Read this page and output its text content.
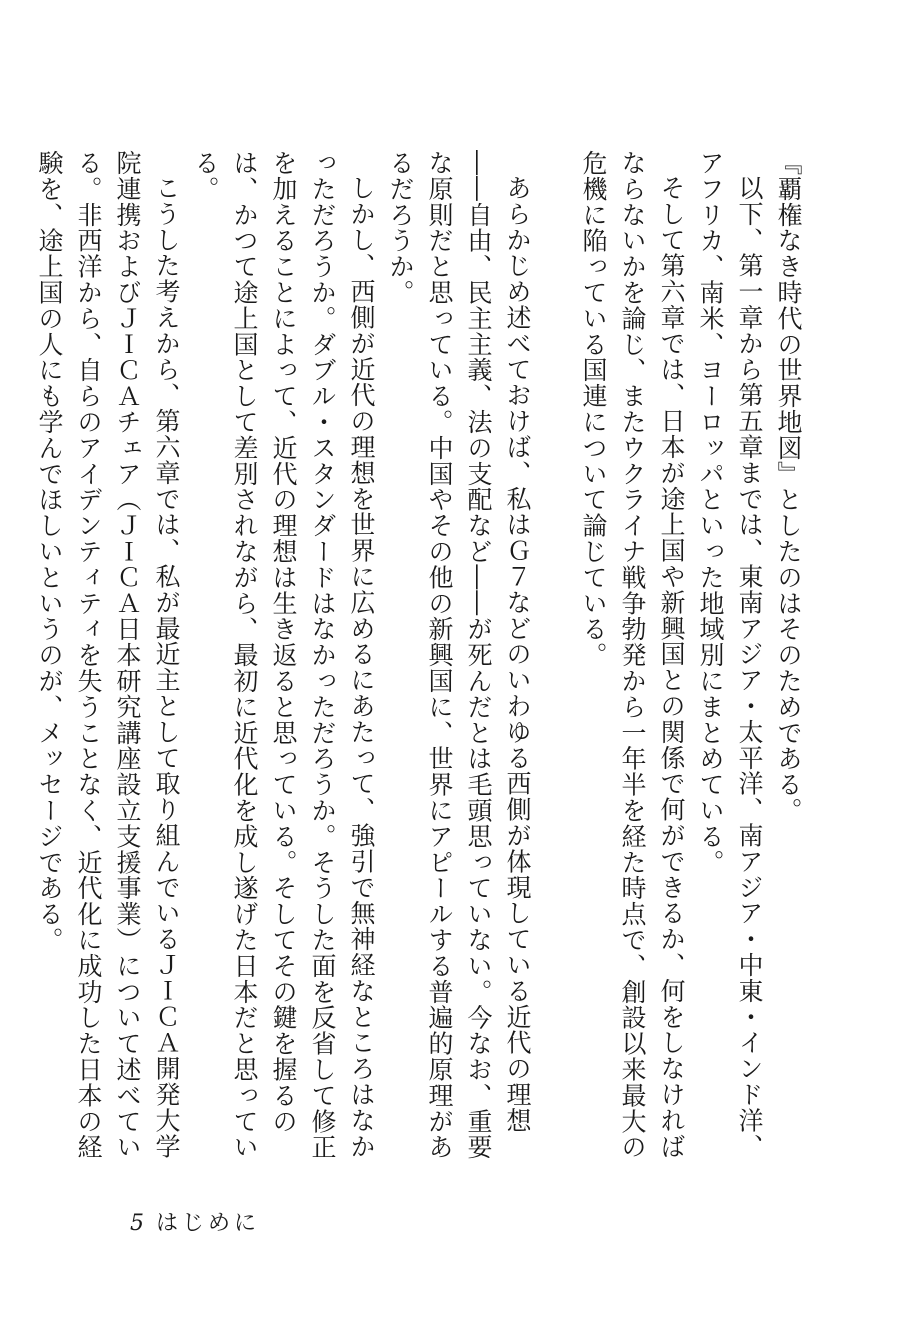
『覇権なき時代の世界地図』としたのはそのためである。

以下、第一章から第五章までは、東南アジア・太平洋、南アジア・中東・インド洋、アフリカ、南米、ヨーロッパといった地域別にまとめている。

そして第六章では、日本が途上国や新興国との関係で何ができるか、何をしなければならないかを論じ、またウクライナ戦争勃発から一年半を経た時点で、創設以来最大の危機に陥っている国連について論じている。

あらかじめ述べておけば、私はＧ７などのいわゆる西側が体現している近代の理想――自由、民主主義、法の支配など――が死んだとは毛頭思っていない。今なお、重要な原則だと思っている。中国やその他の新興国に、世界にアピールする普遍的原理があるだろうか。

しかし、西側が近代の理想を世界に広めるにあたって、強引で無神経なところはなかっただろうか。ダブル・スタンダードはなかっただろうか。そうした面を反省して修正を加えることによって、近代の理想は生き返ると思っている。そしてその鍵を握るのは、かつて途上国として差別されながら、最初に近代化を成し遂げた日本だと思っている。

こうした考えから、第六章では、私が最近主として取り組んでいるＪＩＣＡ開発大学院連携およびＪＩＣＡチェア（ＪＩＣＡ日本研究講座設立支援事業）について述べている。非西洋から、自らのアイデンティティを失うことなく、近代化に成功した日本の経験を、途上国の人にも学んでほしいというのが、メッセージである。

5 はじめに
